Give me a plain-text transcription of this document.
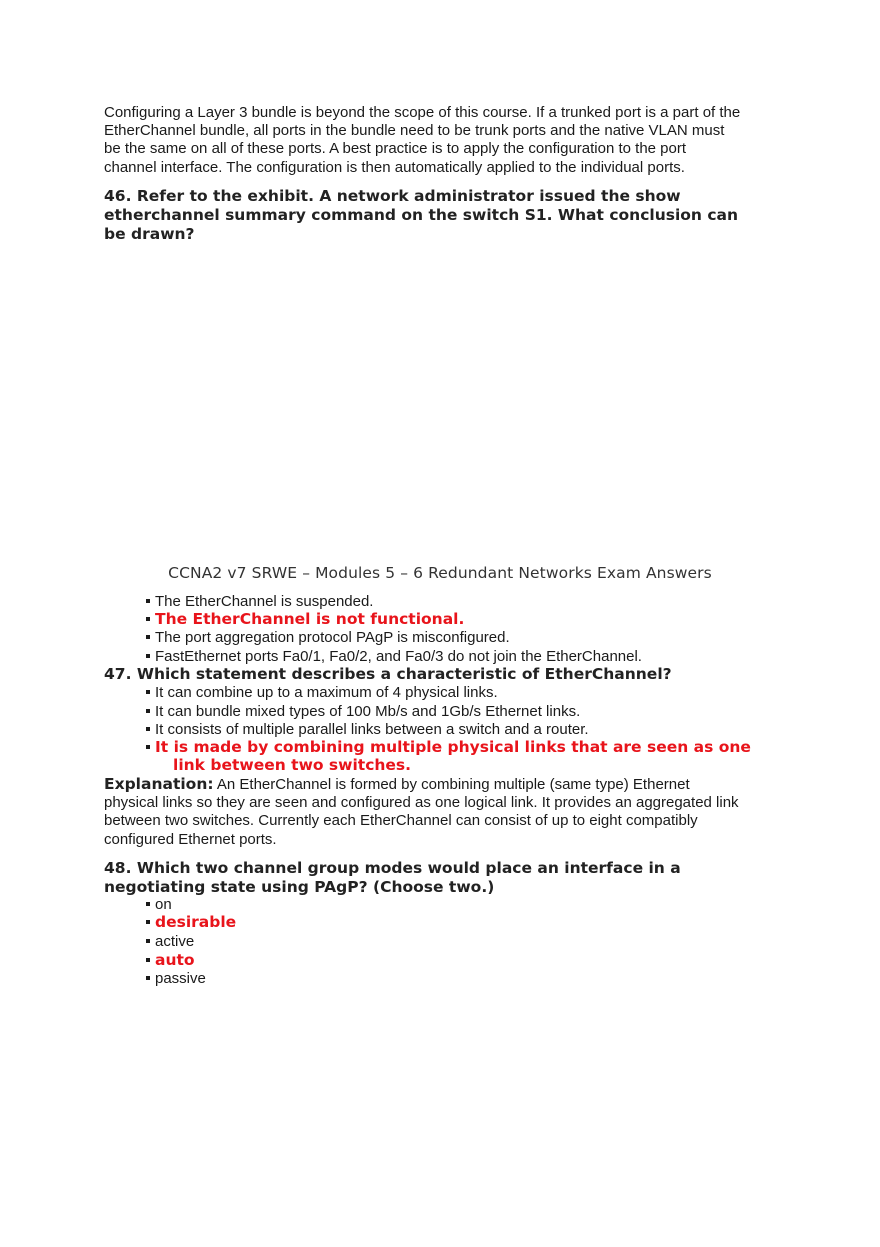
Configuring a Layer 3 bundle is beyond the scope of this course. If a trunked port is a part of the
EtherChannel bundle, all ports in the bundle need to be trunk ports and the native VLAN must
be the same on all of these ports. A best practice is to apply the configuration to the port
channel interface. The configuration is then automatically applied to the individual ports.

46. Refer to the exhibit. A network administrator issued the show
etherchannel summary command on the switch S1. What conclusion can
be drawn?
CCNA2 v7 SRWE – Modules 5 – 6 Redundant Networks Exam Answers
The EtherChannel is suspended.
The EtherChannel is not functional.
The port aggregation protocol PAgP is misconfigured.
FastEthernet ports Fa0/1, Fa0/2, and Fa0/3 do not join the EtherChannel.
47. Which statement describes a characteristic of EtherChannel?
It can combine up to a maximum of 4 physical links.
It can bundle mixed types of 100 Mb/s and 1Gb/s Ethernet links.
It consists of multiple parallel links between a switch and a router.
It is made by combining multiple physical links that are seen as one
link between two switches.

Explanation: An EtherChannel is formed by combining multiple (same type) Ethernet
physical links so they are seen and configured as one logical link. It provides an aggregated link
between two switches. Currently each EtherChannel can consist of up to eight compatibly
configured Ethernet ports.

48. Which two channel group modes would place an interface in a
negotiating state using PAgP? (Choose two.)
on
desirable
active
auto
passive
